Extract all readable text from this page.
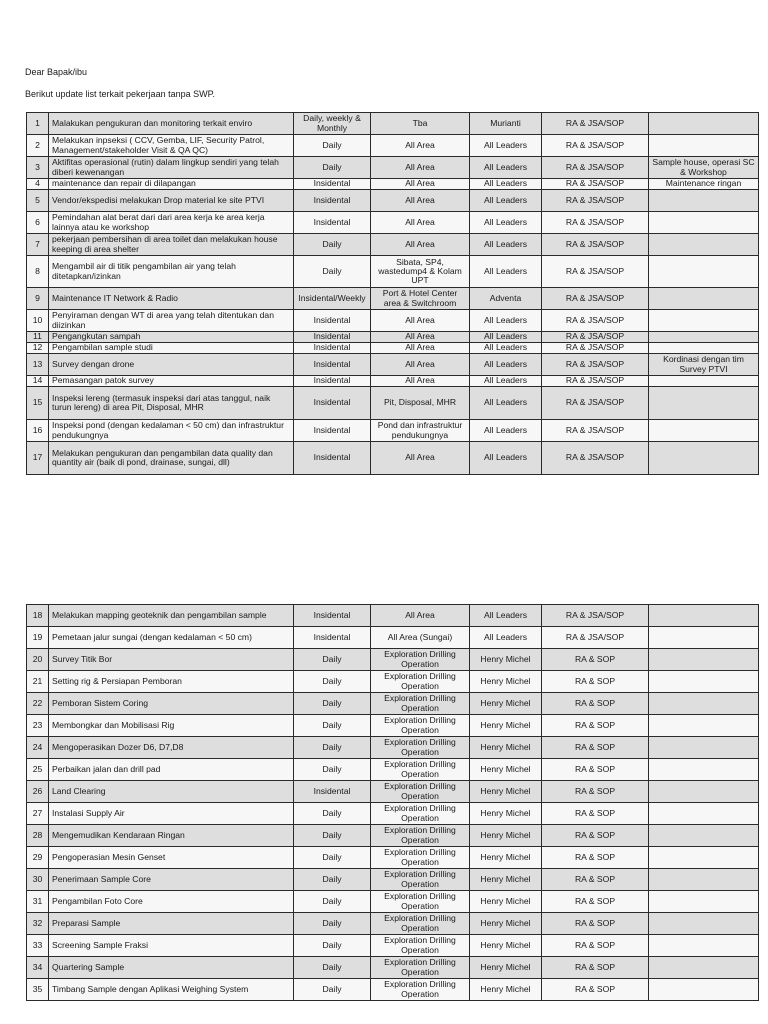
Dear Bapak/ibu
Berikut update list terkait pekerjaan tanpa SWP.
1	Malakukan pengukuran dan monitoring terkait enviro	Daily, weekly & Monthly	Tba	Murianti	RA & JSA/SOP	
2	Melakukan inpseksi ( CCV, Gemba, LIF, Security Patrol, Management/stakeholder Visit & QA QC)	Daily	All Area	All Leaders	RA & JSA/SOP	
3	Aktifitas operasional (rutin) dalam lingkup sendiri yang telah diberi kewenangan	Daily	All Area	All Leaders	RA & JSA/SOP	Sample house, operasi SC & Workshop
4	maintenance dan repair di dilapangan	Insidental	All Area	All Leaders	RA & JSA/SOP	Maintenance ringan
5	Vendor/ekspedisi melakukan Drop material ke site PTVI	Insidental	All Area	All Leaders	RA & JSA/SOP	
6	Pemindahan alat berat dari dari area kerja ke area kerja lainnya atau ke workshop	Insidental	All Area	All Leaders	RA & JSA/SOP	
7	pekerjaan pembersihan di area toilet dan melakukan house keeping di area shelter	Daily	All Area	All Leaders	RA & JSA/SOP	
8	Mengambil air di titik pengambilan air yang telah ditetapkan/izinkan	Daily	Sibata, SP4, wastedump4 & Kolam UPT	All Leaders	RA & JSA/SOP	
9	Maintenance IT Network & Radio	Insidental/Weekly	Port & Hotel Center area & Switchroom	Adventa	RA & JSA/SOP	
10	Penyiraman dengan WT di area yang telah ditentukan dan diizinkan	Insidental	All Area	All Leaders	RA & JSA/SOP	
11	Pengangkutan sampah	Insidental	All Area	All Leaders	RA & JSA/SOP	
12	Pengambilan sample studi	Insidental	All Area	All Leaders	RA & JSA/SOP	
13	Survey dengan drone	Insidental	All Area	All Leaders	RA & JSA/SOP	Kordinasi dengan tim Survey PTVI
14	Pemasangan patok survey	Insidental	All Area	All Leaders	RA & JSA/SOP	
15	Inspeksi lereng (termasuk inspeksi dari atas tanggul, naik turun lereng) di area Pit, Disposal, MHR	Insidental	Pit, Disposal, MHR	All Leaders	RA & JSA/SOP	
16	Inspeksi pond (dengan kedalaman < 50 cm) dan infrastruktur pendukungnya	Insidental	Pond dan infrastruktur pendukungnya	All Leaders	RA & JSA/SOP	
17	Melakukan pengukuran dan pengambilan data quality dan quantity air (baik di pond, drainase, sungai, dll)	Insidental	All Area	All Leaders	RA & JSA/SOP	
18	Melakukan mapping geoteknik dan pengambilan sample	Insidental	All Area	All Leaders	RA & JSA/SOP	
19	Pemetaan jalur sungai (dengan kedalaman < 50 cm)	Insidental	All Area (Sungai)	All Leaders	RA & JSA/SOP	
20	Survey Titik Bor	Daily	Exploration Drilling Operation	Henry Michel	RA & SOP	
21	Setting rig & Persiapan Pemboran	Daily	Exploration Drilling Operation	Henry Michel	RA & SOP	
22	Pemboran Sistem Coring	Daily	Exploration Drilling Operation	Henry Michel	RA & SOP	
23	Membongkar dan Mobilisasi Rig	Daily	Exploration Drilling Operation	Henry Michel	RA & SOP	
24	Mengoperasikan Dozer D6, D7,D8	Daily	Exploration Drilling Operation	Henry Michel	RA & SOP	
25	Perbaikan jalan dan drill pad	Daily	Exploration Drilling Operation	Henry Michel	RA & SOP	
26	Land Clearing	Insidental	Exploration Drilling Operation	Henry Michel	RA & SOP	
27	Instalasi Supply Air	Daily	Exploration Drilling Operation	Henry Michel	RA & SOP	
28	Mengemudikan Kendaraan Ringan	Daily	Exploration Drilling Operation	Henry Michel	RA & SOP	
29	Pengoperasian Mesin Genset	Daily	Exploration Drilling Operation	Henry Michel	RA & SOP	
30	Penerimaan Sample Core	Daily	Exploration Drilling Operation	Henry Michel	RA & SOP	
31	Pengambilan Foto Core	Daily	Exploration Drilling Operation	Henry Michel	RA & SOP	
32	Preparasi Sample	Daily	Exploration Drilling Operation	Henry Michel	RA & SOP	
33	Screening Sample Fraksi	Daily	Exploration Drilling Operation	Henry Michel	RA & SOP	
34	Quartering Sample	Daily	Exploration Drilling Operation	Henry Michel	RA & SOP	
35	Timbang Sample dengan Aplikasi Weighing System	Daily	Exploration Drilling Operation	Henry Michel	RA & SOP	
